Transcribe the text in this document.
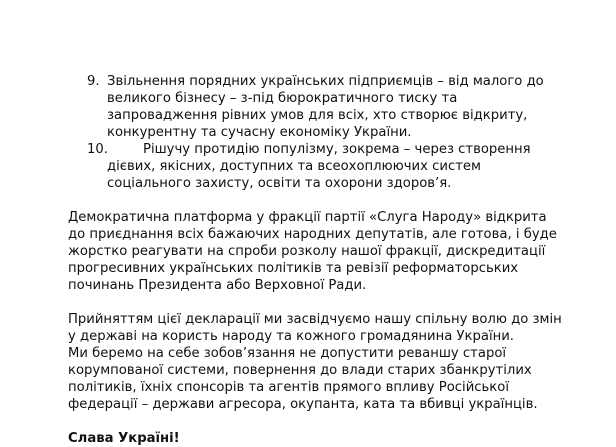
9. Звільнення порядних українських підприємців – від малого до
великого бізнесу – з-під бюрократичного тиску та
запровадження рівних умов для всіх, хто створює відкриту,
конкурентну та сучасну економіку України.
10.	Рішучу протидію популізму, зокрема – через створення
дієвих, якісних, доступних та всеохоплюючих систем
соціального захисту, освіти та охорони здоров’я.
Демократична платформа у фракції партії «Слуга Народу» відкрита
до приєднання всіх бажаючих народних депутатів, але готова, і буде
жорстко реагувати на спроби розколу нашої фракції, дискредитації
прогресивних українських політиків та ревізії реформаторських
починань Президента або Верховної Ради.
Прийняттям цієї декларації ми засвідчуємо нашу спільну волю до змін
у державі на користь народу та кожного громадянина України.
Ми беремо на себе зобов’язання не допустити реваншу старої
корумпованої системи, повернення до влади старих збанкрутілих
політиків, їхніх спонсорів та агентів прямого впливу Російської
федерації – держави агресора, окупанта, ката та вбивці українців.
Слава Україні!
